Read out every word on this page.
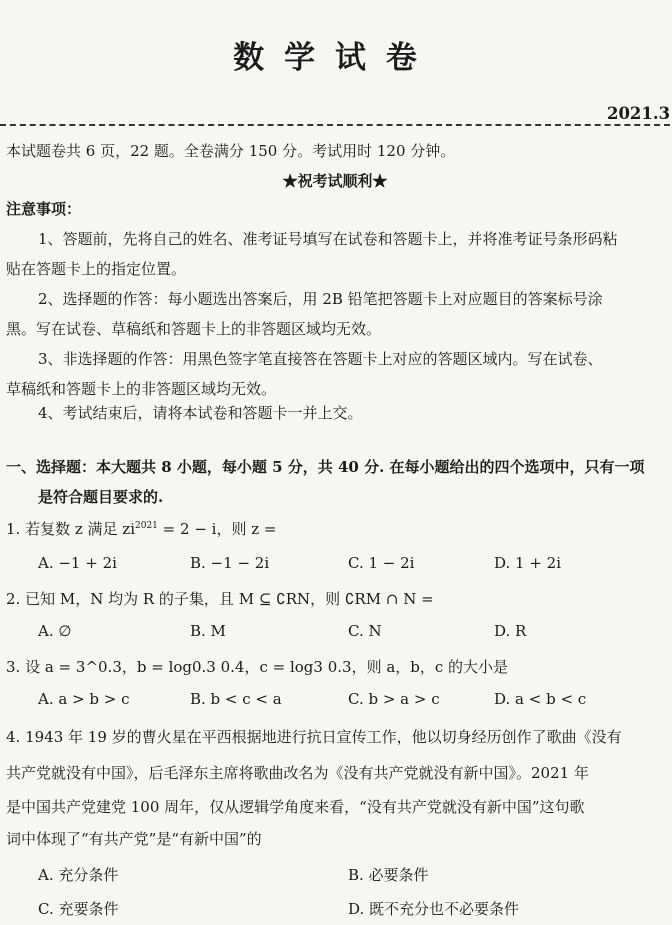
数学试卷
2021.3
本试题卷共 6 页，22 题。全卷满分 150 分。考试用时 120 分钟。
★祝考试顺利★
注意事项：
1、答题前，先将自己的姓名、准考证号填写在试卷和答题卡上，并将准考证号条形码粘
贴在答题卡上的指定位置。
2、选择题的作答：每小题选出答案后，用 2B 铅笔把答题卡上对应题目的答案标号涂
黑。写在试卷、草稿纸和答题卡上的非答题区域均无效。
3、非选择题的作答：用黑色签字笔直接答在答题卡上对应的答题区域内。写在试卷、
草稿纸和答题卡上的非答题区域均无效。
4、考试结束后，请将本试卷和答题卡一并上交。
一、选择题：本大题共 8 小题，每小题 5 分，共 40 分. 在每小题给出的四个选项中，只有一项
是符合题目要求的.
1. 若复数 z 满足 $zi^{2021} = 2 - i$，则 z =
A. −1 + 2i	B. −1 − 2i	C. 1 − 2i	D. 1 + 2i
2. 已知 M，N 均为 R 的子集，且 M ⊆ ∁RN，则 ∁RM ∩ N =
A. ∅	B. M	C. N	D. R
3. 设 a = 3^0.3，b = log0.3 0.4，c = log3 0.3，则 a，b，c 的大小是
A. a > b > c	B. b < c < a	C. b > a > c	D. a < b < c
4. 1943 年 19 岁的曹火星在平西根据地进行抗日宣传工作，他以切身经历创作了歌曲《没有
共产党就没有中国》，后毛泽东主席将歌曲改名为《没有共产党就没有新中国》。2021 年
是中国共产党建党 100 周年，仅从逻辑学角度来看，“没有共产党就没有新中国”这句歌
词中体现了“有共产党”是“有新中国”的
A. 充分条件	B. 必要条件
C. 充要条件	D. 既不充分也不必要条件
